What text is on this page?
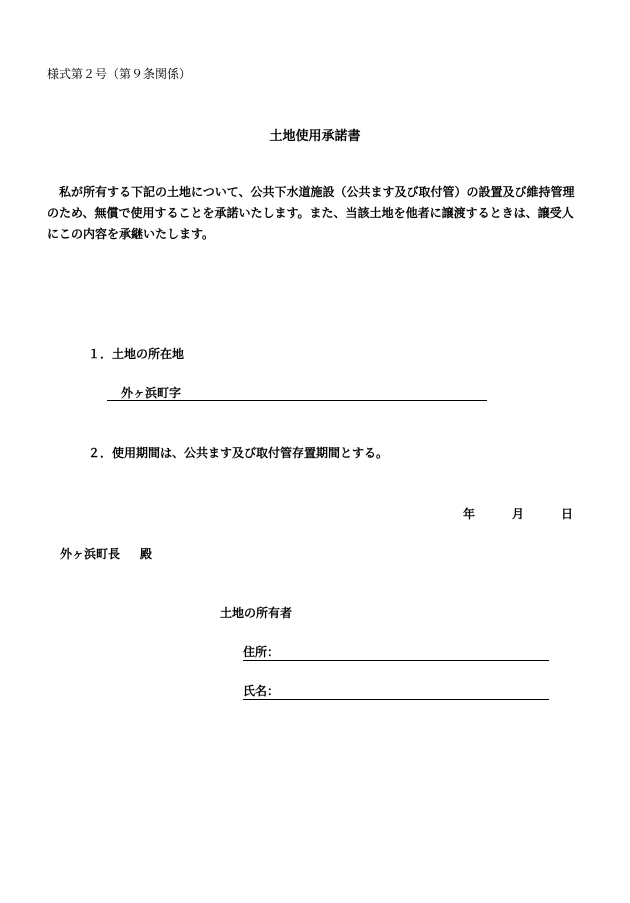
様式第２号（第９条関係）
土地使用承諾書
　私が所有する下記の土地について、公共下水道施設（公共ます及び取付管）の設置及び維持管理
のため、無償で使用することを承諾いたします。また、当該土地を他者に譲渡するときは、譲受人
にこの内容を承継いたします。
１．土地の所在地
外ヶ浜町字
２．使用期間は、公共ます及び取付管存置期間とする。
年	月	日
外ヶ浜町長 殿
土地の所有者
住所：
氏名：
